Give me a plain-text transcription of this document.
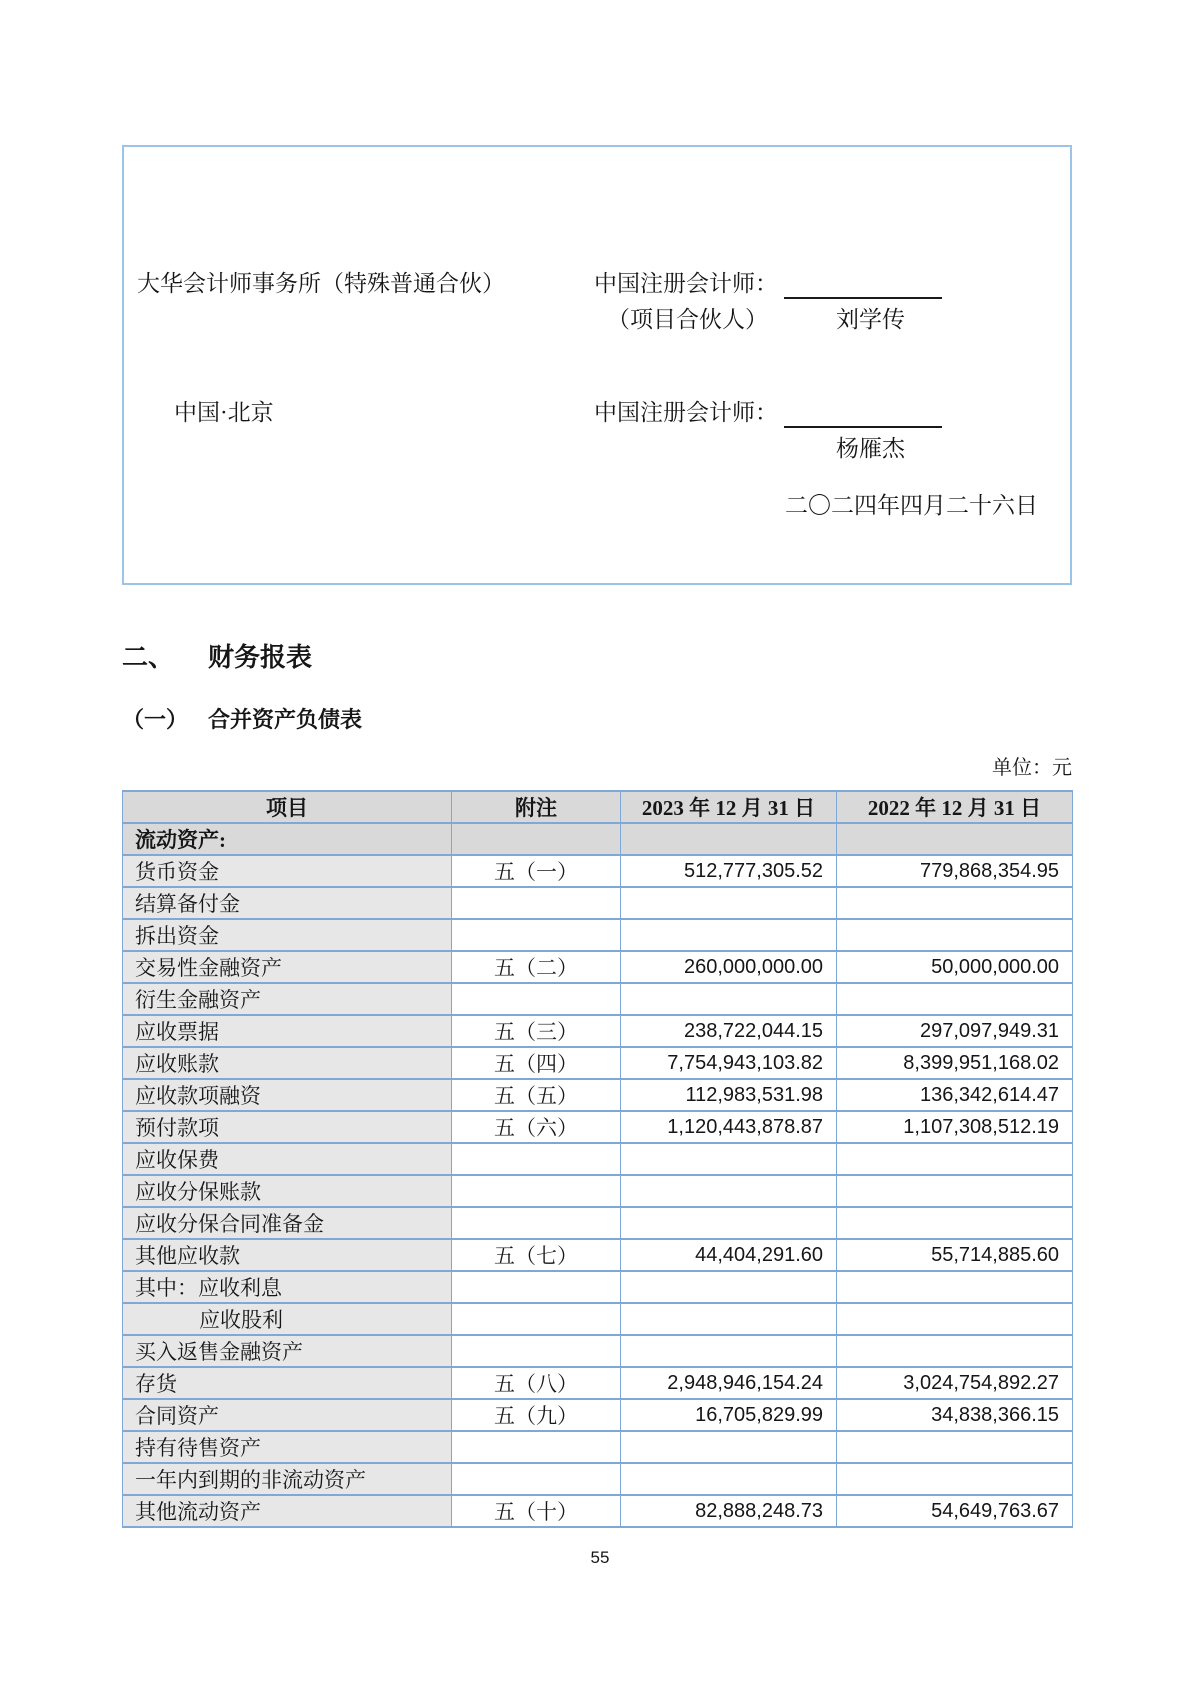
大华会计师事务所（特殊普通合伙）	中国注册会计师：
（项目合伙人）	刘学传
中国·北京	中国注册会计师：
杨雁杰
二〇二四年四月二十六日
二、 财务报表
（一） 合并资产负债表
单位：元
项目	附注	2023 年 12 月 31 日	2022 年 12 月 31 日
流动资产:			
货币资金	五（一）	512,777,305.52	779,868,354.95
结算备付金			
拆出资金			
交易性金融资产	五（二）	260,000,000.00	50,000,000.00
衍生金融资产			
应收票据	五（三）	238,722,044.15	297,097,949.31
应收账款	五（四）	7,754,943,103.82	8,399,951,168.02
应收款项融资	五（五）	112,983,531.98	136,342,614.47
预付款项	五（六）	1,120,443,878.87	1,107,308,512.19
应收保费			
应收分保账款			
应收分保合同准备金			
其他应收款	五（七）	44,404,291.60	55,714,885.60
其中：应收利息			
应收股利			
买入返售金融资产			
存货	五（八）	2,948,946,154.24	3,024,754,892.27
合同资产	五（九）	16,705,829.99	34,838,366.15
持有待售资产			
一年内到期的非流动资产			
其他流动资产	五（十）	82,888,248.73	54,649,763.67
55
